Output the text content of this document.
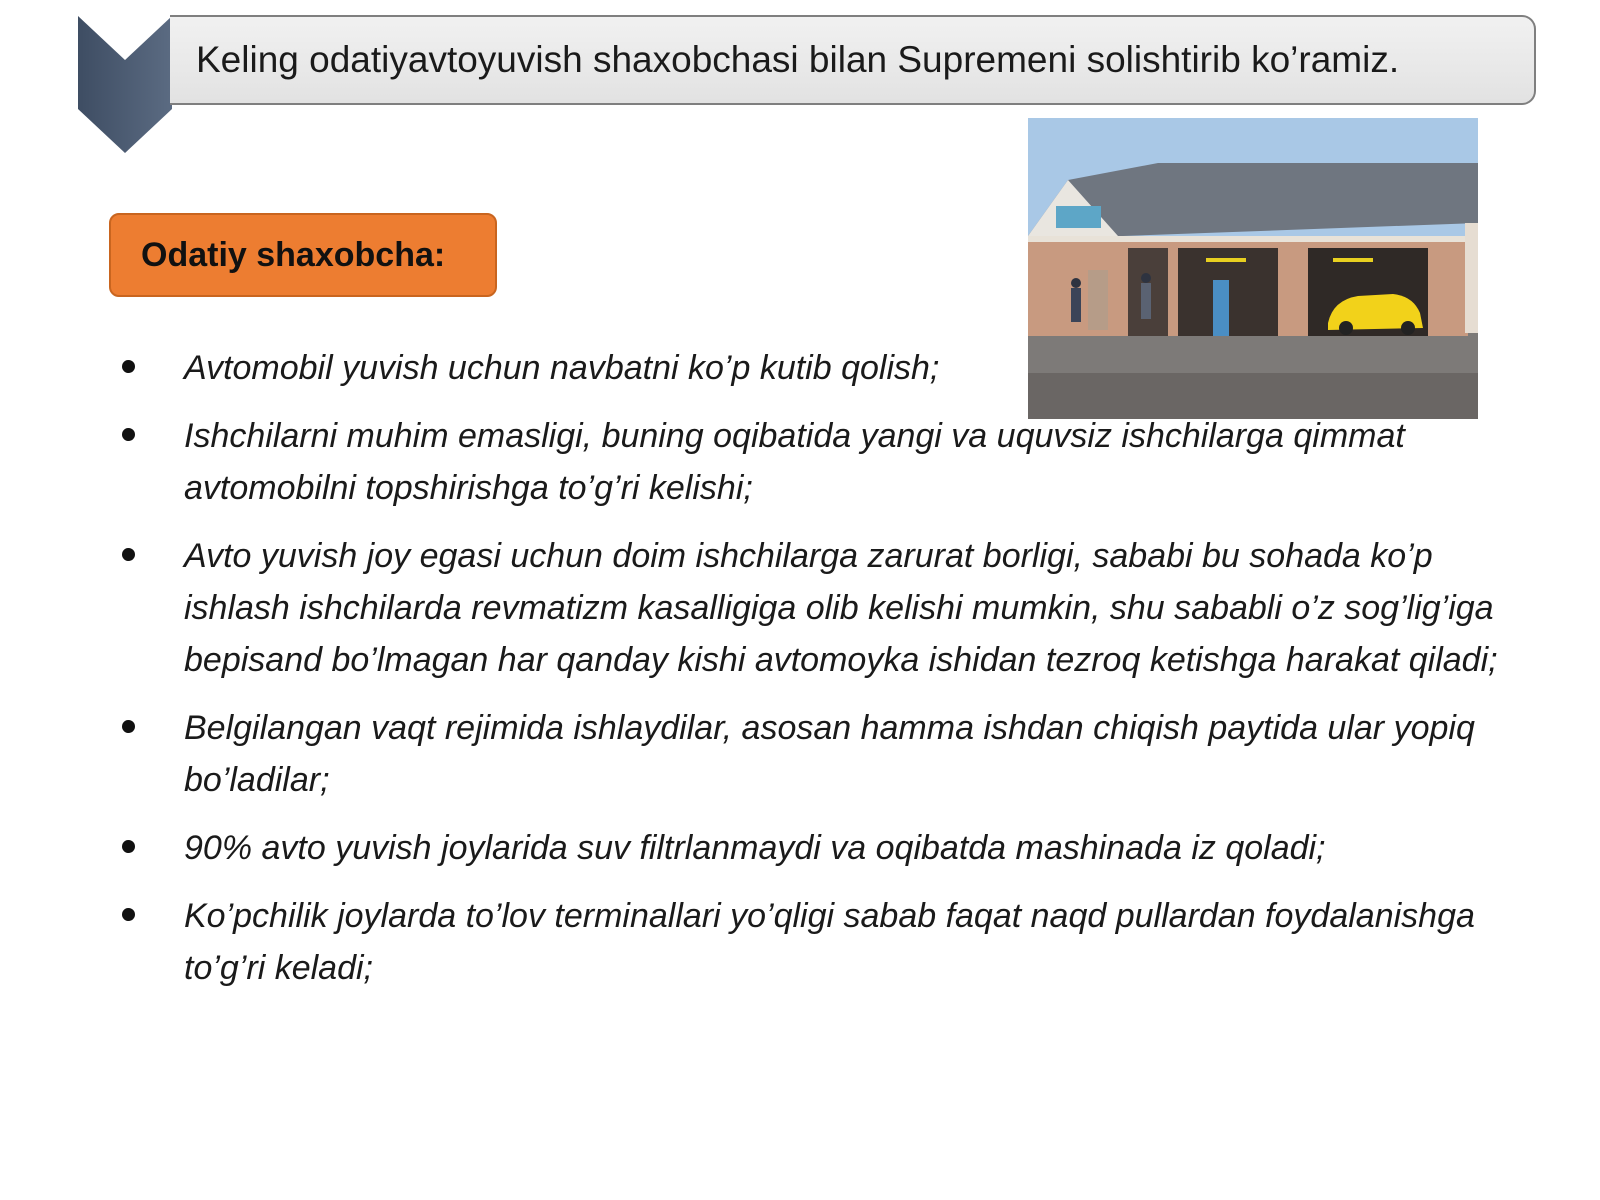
Keling odatiyavtoyuvish shaxobchasi bilan Supremeni solishtirib ko’ramiz.
Odatiy shaxobcha:
Avtomobil yuvish uchun navbatni ko’p kutib qolish;
Ishchilarni muhim emasligi, buning oqibatida yangi va uquvsiz ishchilarga qimmat avtomobilni topshirishga to’g’ri kelishi;
Avto yuvish joy egasi uchun doim ishchilarga zarurat borligi, sababi bu sohada ko’p ishlash ishchilarda revmatizm kasalligiga olib kelishi mumkin, shu sababli o’z sog’lig’iga bepisand bo’lmagan har qanday kishi avtomoyka ishidan tezroq ketishga harakat qiladi;
Belgilangan vaqt rejimida ishlaydilar, asosan hamma ishdan chiqish paytida ular yopiq bo’ladilar;
90% avto yuvish joylarida suv filtrlanmaydi va oqibatda mashinada iz qoladi;
Ko’pchilik joylarda to’lov terminallari yo’qligi sabab faqat naqd pullardan foydalanishga to’g’ri keladi;
